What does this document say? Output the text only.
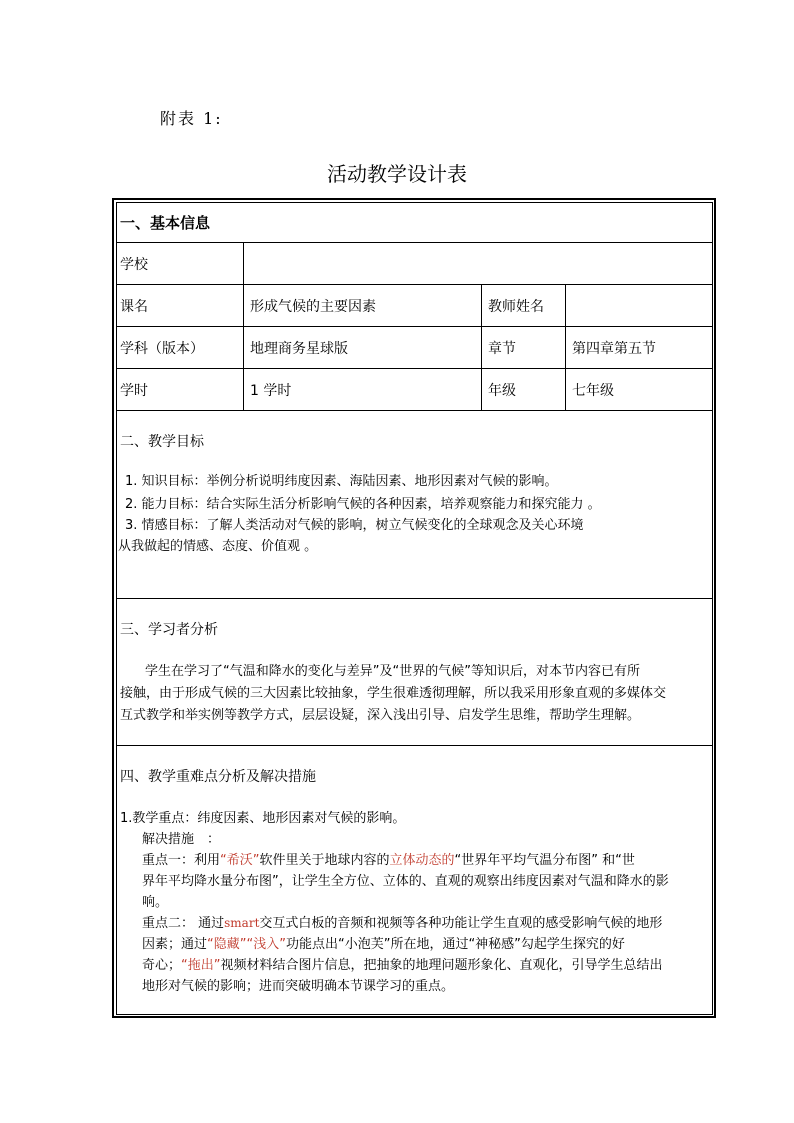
附表 1:
活动教学设计表
一、基本信息
学校
课名	形成气候的主要因素	教师姓名
学科（版本）	地理商务星球版	章节	第四章第五节
学时	1 学时	年级	七年级
二、教学目标
1. 知识目标：举例分析说明纬度因素、海陆因素、地形因素对气候的影响。
2. 能力目标：结合实际生活分析影响气候的各种因素，培养观察能力和探究能力 。
3. 情感目标：了解人类活动对气候的影响，树立气候变化的全球观念及关心环境
从我做起的情感、态度、价值观 。
三、学习者分析
学生在学习了“气温和降水的变化与差异”及“世界的气候”等知识后，对本节内容已有所
接触，由于形成气候的三大因素比较抽象，学生很难透彻理解，所以我采用形象直观的多媒体交
互式教学和举实例等教学方式，层层设疑，深入浅出引导、启发学生思维，帮助学生理解。
四、教学重难点分析及解决措施
1.教学重点：纬度因素、地形因素对气候的影响。
解决措施　：
重点一：利用“希沃”软件里关于地球内容的立体动态的“世界年平均气温分布图” 和“世
界年平均降水量分布图”，让学生全方位、立体的、直观的观察出纬度因素对气温和降水的影
响。
重点二： 通过smart交互式白板的音频和视频等各种功能让学生直观的感受影响气候的地形
因素；通过“隐藏”“浅入”功能点出“小泡芙”所在地，通过“神秘感”勾起学生探究的好
奇心；“拖出”视频材料结合图片信息，把抽象的地理问题形象化、直观化，引导学生总结出
地形对气候的影响；进而突破明确本节课学习的重点。
